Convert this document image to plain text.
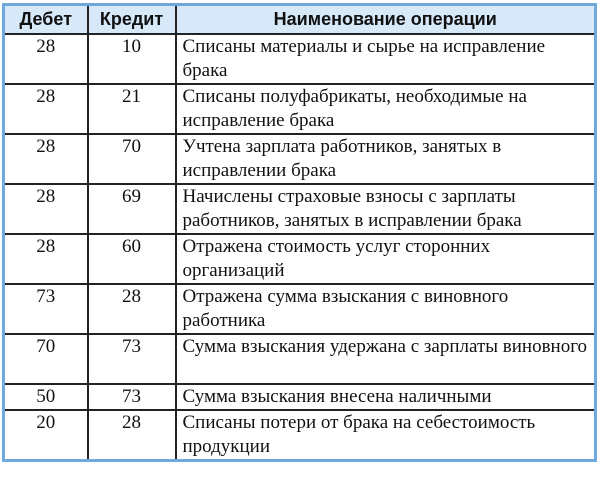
Дебет	Кредит	Наименование операции
28	10	Списаны материалы и сырье на исправление брака
28	21	Списаны полуфабрикаты, необходимые на исправление брака
28	70	Учтена зарплата работников, занятых в исправлении брака
28	69	Начислены страховые взносы с зарплаты работников, занятых в исправлении брака
28	60	Отражена стоимость услуг сторонних организаций
73	28	Отражена сумма взыскания с виновного работника
70	73	Сумма взыскания удержана с зарплаты виновного
50	73	Сумма взыскания внесена наличными
20	28	Списаны потери от брака на себестоимость продукции
